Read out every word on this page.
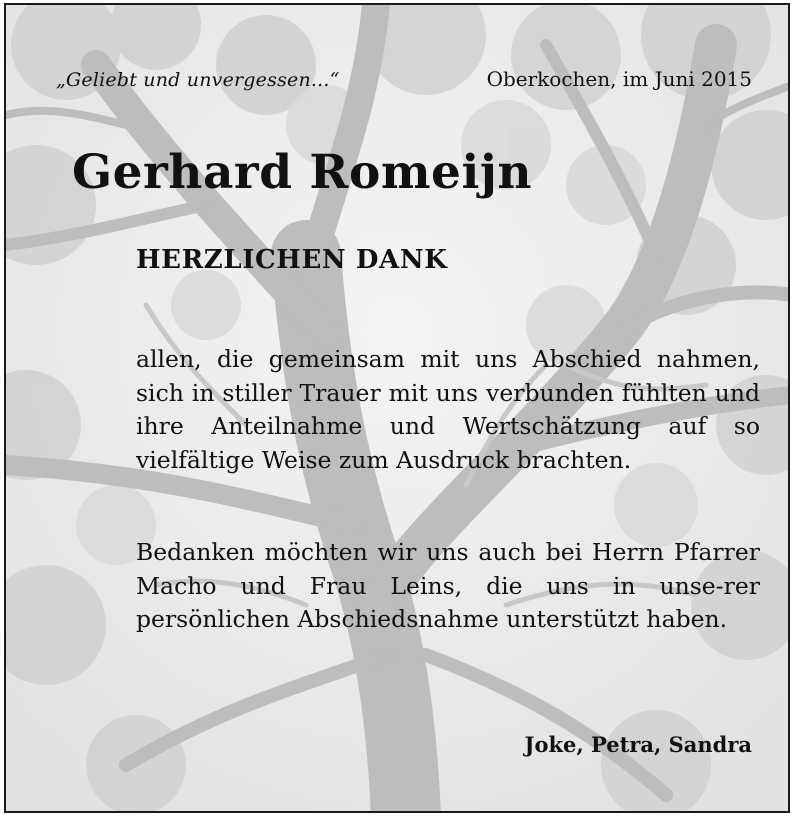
„Geliebt und unvergessen...“	Oberkochen, im Juni 2015
Gerhard Romeijn
HERZLICHEN DANK

allen, die gemeinsam mit uns Abschied nahmen, sich in stiller Trauer mit uns verbunden fühlten und ihre Anteilnahme und Wertschätzung auf so vielfältige Weise zum Ausdruck brachten.

Bedanken möchten wir uns auch bei Herrn Pfarrer Macho und Frau Leins, die uns in unse-rer persönlichen Abschiedsnahme unterstützt haben.

Joke, Petra, Sandra
